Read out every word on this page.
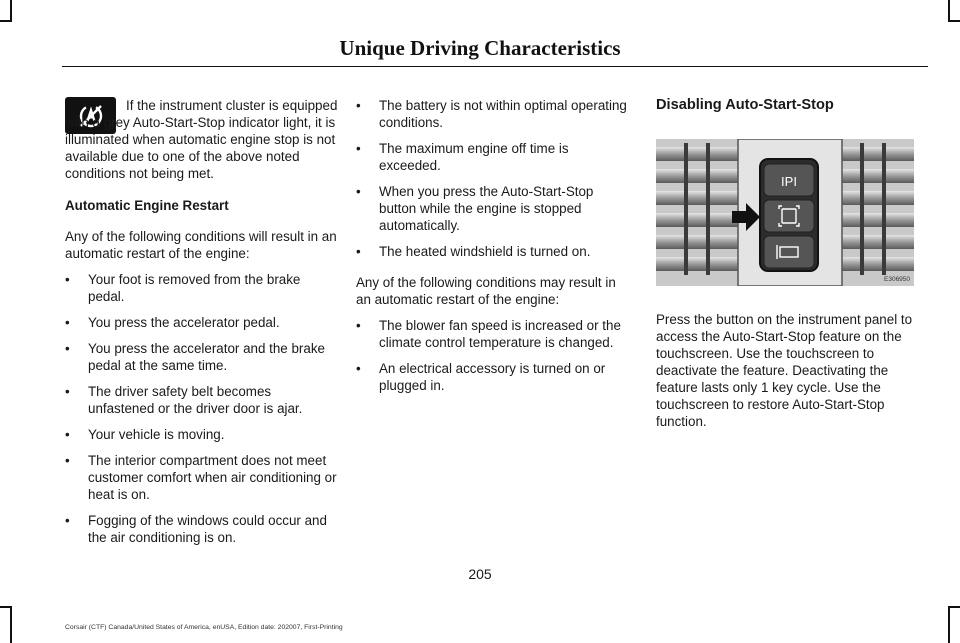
Unique Driving Characteristics

If the instrument cluster is equipped with a grey Auto-Start-Stop indicator light, it is illuminated when automatic engine stop is not available due to one of the above noted conditions not being met.

Automatic Engine Restart

Any of the following conditions will result in an automatic restart of the engine:

• Your foot is removed from the brake pedal.
• You press the accelerator pedal.
• You press the accelerator and the brake pedal at the same time.
• The driver safety belt becomes unfastened or the driver door is ajar.
• Your vehicle is moving.
• The interior compartment does not meet customer comfort when air conditioning or heat is on.
• Fogging of the windows could occur and the air conditioning is on.
• The battery is not within optimal operating conditions.
• The maximum engine off time is exceeded.
• When you press the Auto-Start-Stop button while the engine is stopped automatically.
• The heated windshield is turned on.

Any of the following conditions may result in an automatic restart of the engine:

• The blower fan speed is increased or the climate control temperature is changed.
• An electrical accessory is turned on or plugged in.

Disabling Auto-Start-Stop

IPI
E306950

Press the button on the instrument panel to access the Auto-Start-Stop feature on the touchscreen. Use the touchscreen to deactivate the feature. Deactivating the feature lasts only 1 key cycle. Use the touchscreen to restore Auto-Start-Stop function.

205
Corsair (CTF) Canada/United States of America, enUSA, Edition date: 202007, First-Printing
